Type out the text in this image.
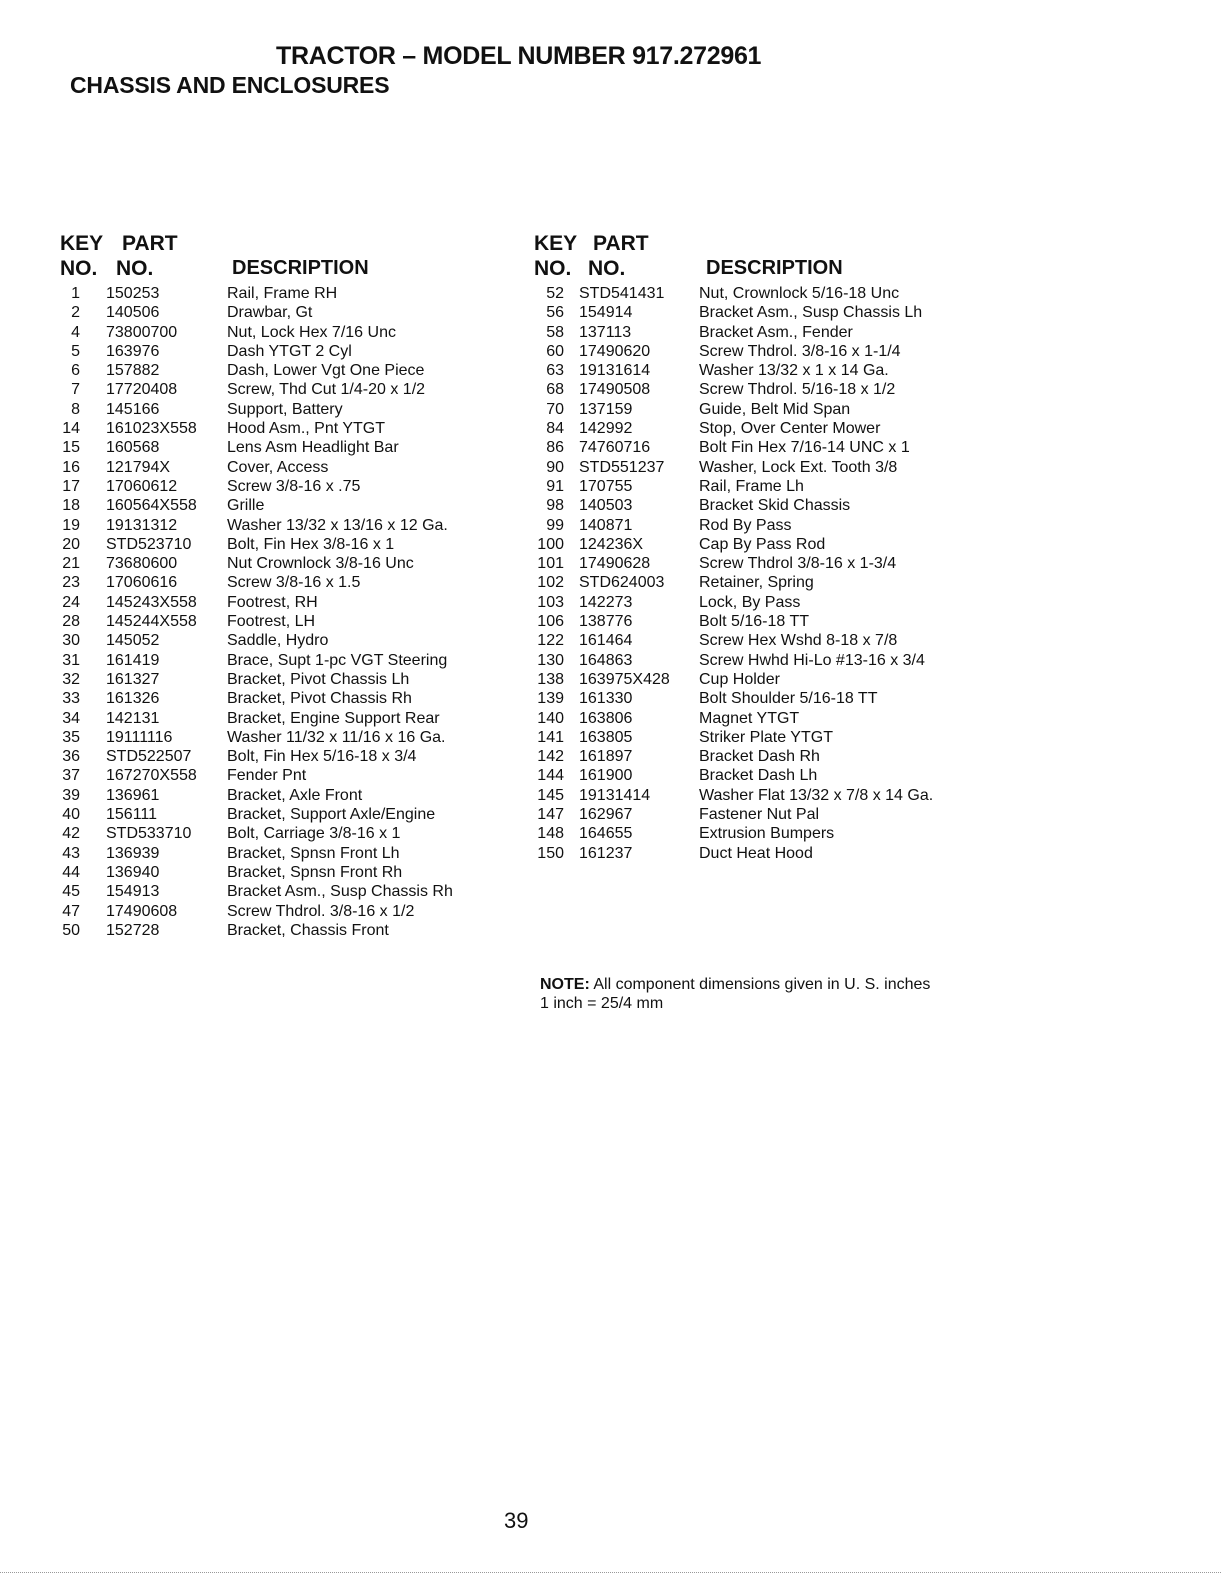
TRACTOR – MODEL NUMBER 917.272961
CHASSIS AND ENCLOSURES
KEY PART
NO. NO.	DESCRIPTION
1 150253	Rail, Frame RH
2 140506	Drawbar, Gt
4 73800700	Nut, Lock Hex 7/16 Unc
5 163976	Dash YTGT 2 Cyl
6 157882	Dash, Lower Vgt One Piece
7 17720408	Screw, Thd Cut 1/4-20 x 1/2
8 145166	Support, Battery
14 161023X558 Hood Asm., Pnt YTGT
15 160568	Lens Asm Headlight Bar
16 121794X	Cover, Access
17 17060612	Screw 3/8-16 x .75
18 160564X558 Grille
19 19131312	Washer 13/32 x 13/16 x 12 Ga.
20 STD523710 Bolt, Fin Hex 3/8-16 x 1
21 73680600	Nut Crownlock 3/8-16 Unc
23 17060616	Screw 3/8-16 x 1.5
24 145243X558 Footrest, RH
28 145244X558 Footrest, LH
30 145052	Saddle, Hydro
31 161419	Brace, Supt 1-pc VGT Steering
32 161327	Bracket, Pivot Chassis Lh
33 161326	Bracket, Pivot Chassis Rh
34 142131	Bracket, Engine Support Rear
35 19111116	Washer 11/32 x 11/16 x 16 Ga.
36 STD522507 Bolt, Fin Hex 5/16-18 x 3/4
37 167270X558 Fender Pnt
39 136961	Bracket, Axle Front
40 156111	Bracket, Support Axle/Engine
42 STD533710 Bolt, Carriage 3/8-16 x 1
43 136939	Bracket, Spnsn Front Lh
44 136940	Bracket, Spnsn Front Rh
45 154913	Bracket Asm., Susp Chassis Rh
47 17490608	Screw Thdrol. 3/8-16 x 1/2
50 152728	Bracket, Chassis Front
KEY PART
NO. NO.	DESCRIPTION
52 STD541431 Nut, Crownlock 5/16-18 Unc
56 154914	Bracket Asm., Susp Chassis Lh
58 137113	Bracket Asm., Fender
60 17490620	Screw Thdrol. 3/8-16 x 1-1/4
63 19131614	Washer 13/32 x 1 x 14 Ga.
68 17490508	Screw Thdrol. 5/16-18 x 1/2
70 137159	Guide, Belt Mid Span
84 142992	Stop, Over Center Mower
86 74760716	Bolt Fin Hex 7/16-14 UNC x 1
90 STD551237 Washer, Lock Ext. Tooth 3/8
91 170755	Rail, Frame Lh
98 140503	Bracket Skid Chassis
99 140871	Rod By Pass
100 124236X	Cap By Pass Rod
101 17490628	Screw Thdrol 3/8-16 x 1-3/4
102 STD624003 Retainer, Spring
103 142273	Lock, By Pass
106 138776	Bolt 5/16-18 TT
122 161464	Screw Hex Wshd 8-18 x 7/8
130 164863	Screw Hwhd Hi-Lo #13-16 x 3/4
138 163975X428 Cup Holder
139 161330	Bolt Shoulder 5/16-18 TT
140 163806	Magnet YTGT
141 163805	Striker Plate YTGT
142 161897	Bracket Dash Rh
144 161900	Bracket Dash Lh
145 19131414	Washer Flat 13/32 x 7/8 x 14 Ga.
147 162967	Fastener Nut Pal
148 164655	Extrusion Bumpers
150 161237	Duct Heat Hood
NOTE: All component dimensions given in U. S. inches 1 inch = 25/4 mm
39
